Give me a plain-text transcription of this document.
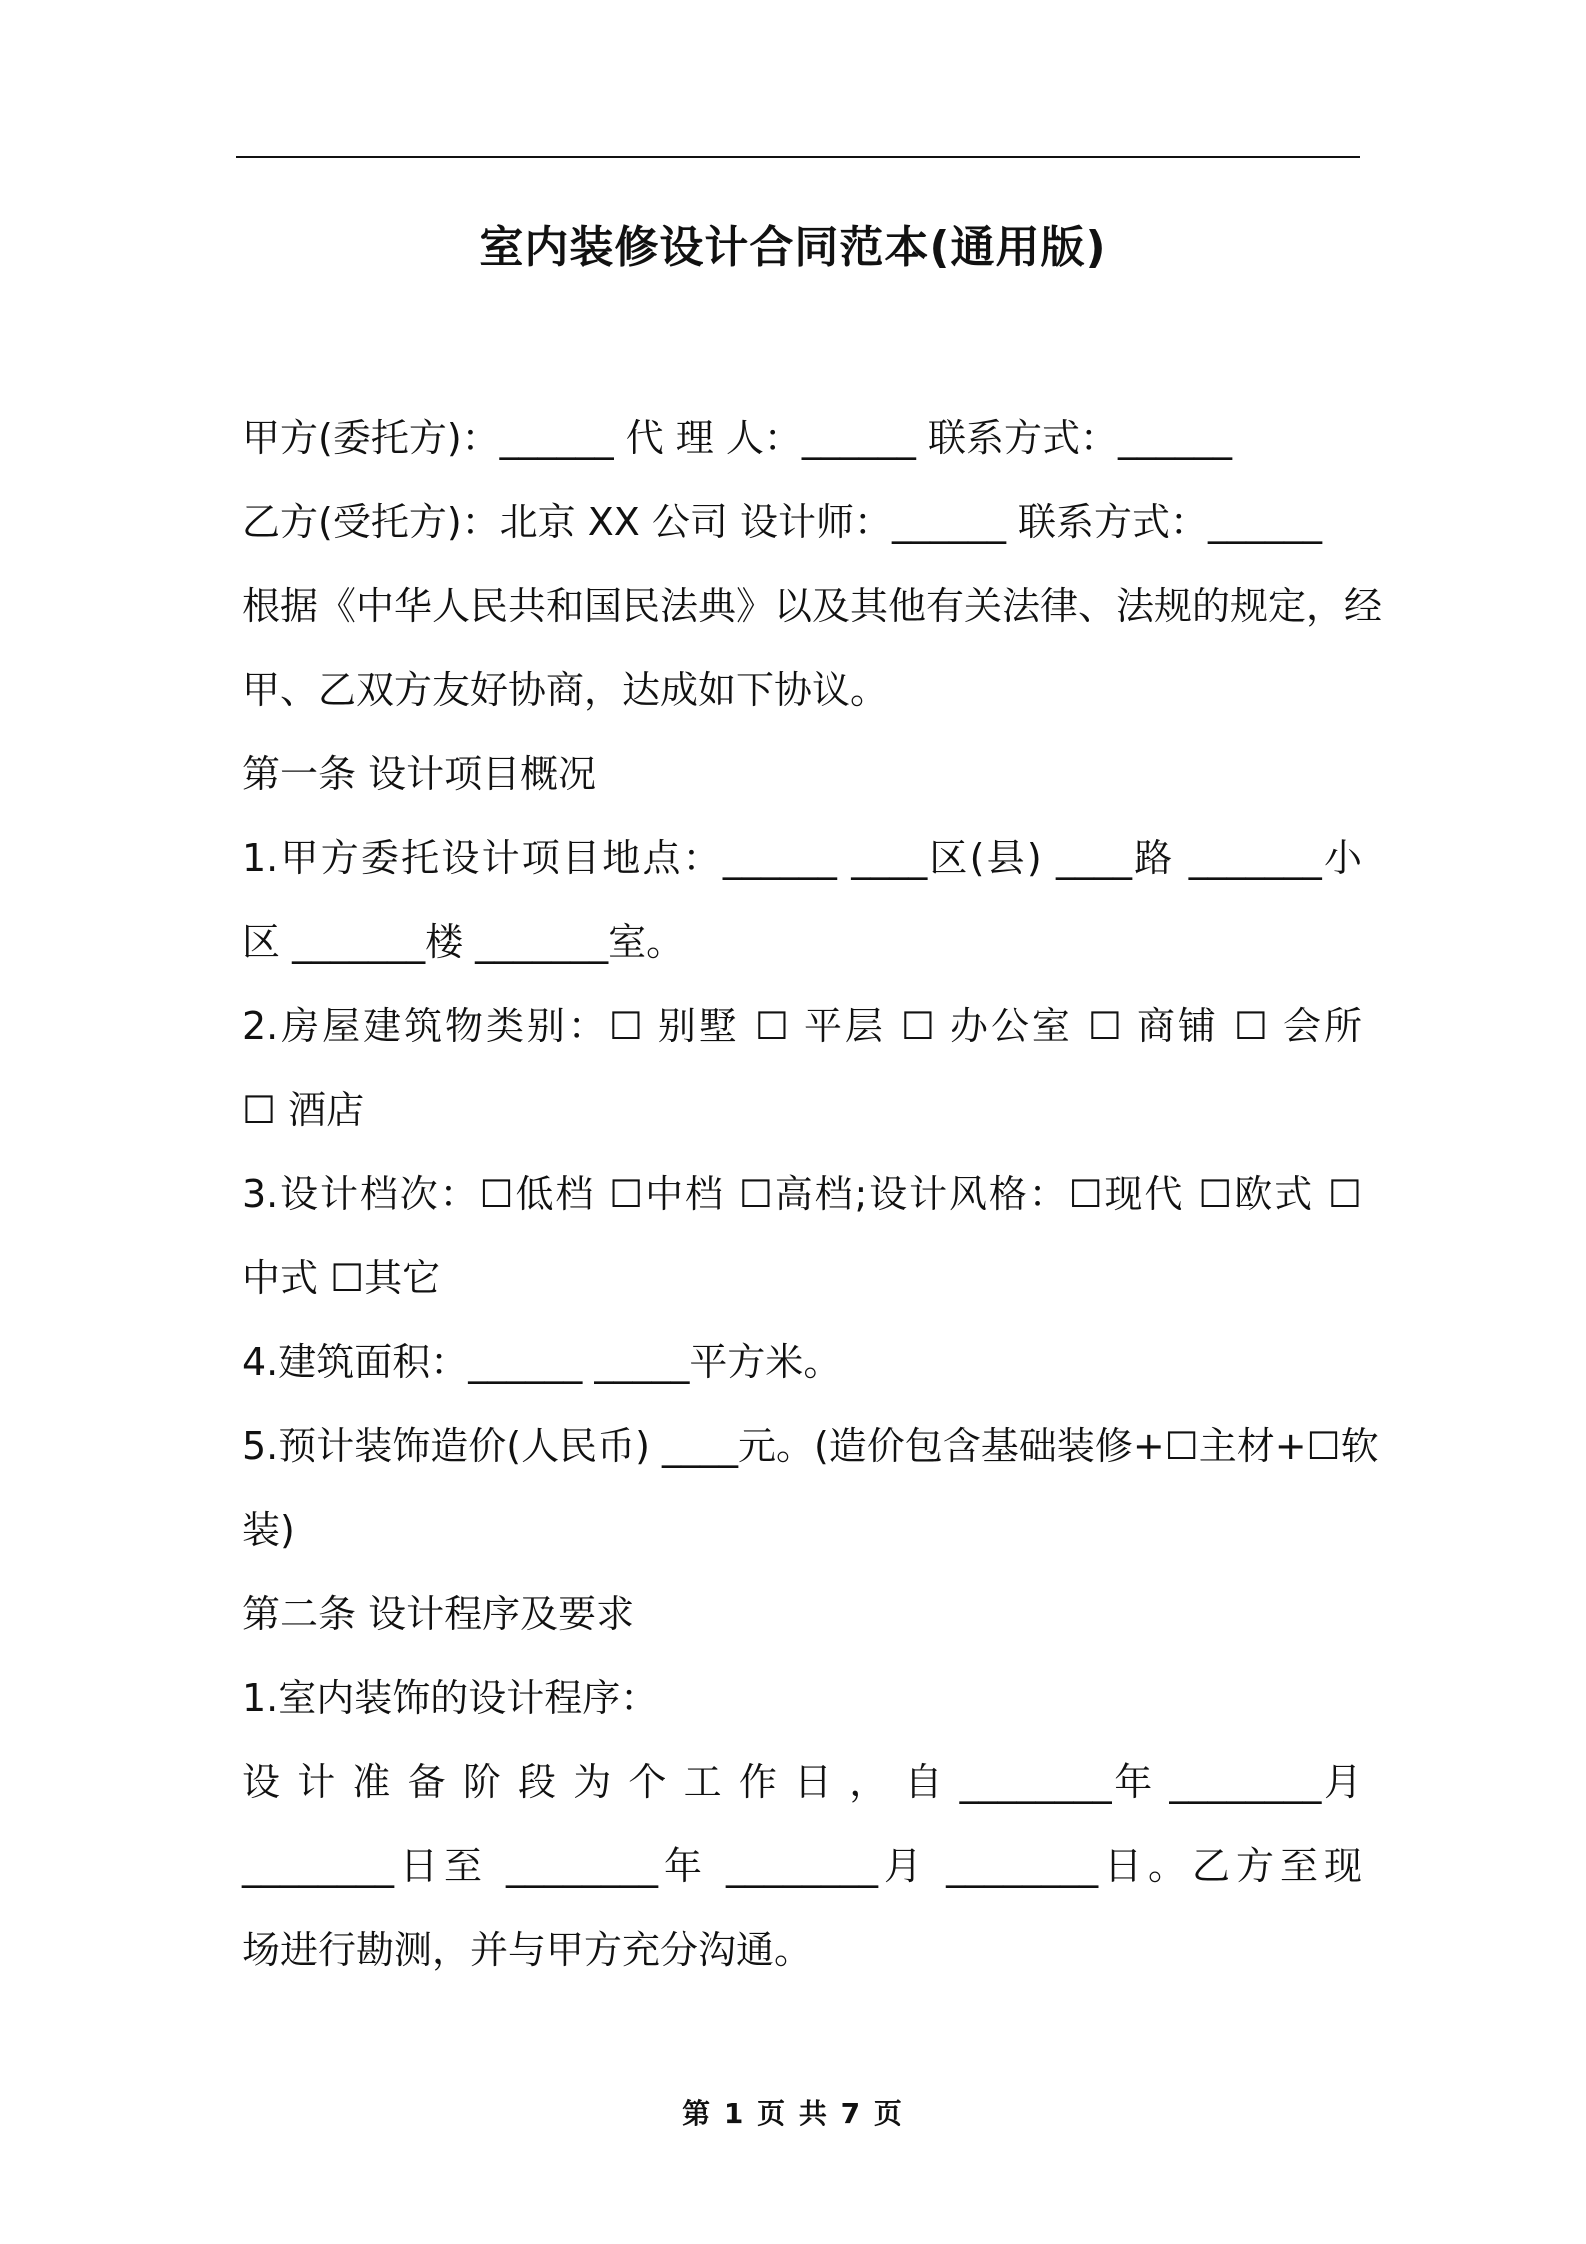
室内装修设计合同范本(通用版)
甲方(委托方)：______ 代 理 人：______ 联系方式：______
乙方(受托方)：北京 XX 公司 设计师：______ 联系方式：______
根据《中华人民共和国民法典》以及其他有关法律、法规的规定，经
甲、乙双方友好协商，达成如下协议。
第一条 设计项目概况
1.甲方委托设计项目地点：______ ____区(县) ____路 _______小
区 _______楼 _______室。
2.房屋建筑物类别：☐ 别墅 ☐ 平层 ☐ 办公室 ☐ 商铺 ☐ 会所
☐ 酒店
3.设计档次：☐低档 ☐中档 ☐高档;设计风格：☐现代 ☐欧式 ☐
中式 ☐其它
4.建筑面积：______ _____平方米。
5.预计装饰造价(人民币) ____元。(造价包含基础装修+☐主材+☐软
装)
第二条 设计程序及要求
1.室内装饰的设计程序：
设 计 准 备 阶 段 为 个 工 作 日 ， 自 ________年 ________月
________日至 ________年 ________月 ________日。乙方至现
场进行勘测，并与甲方充分沟通。
第 1 页 共 7 页
